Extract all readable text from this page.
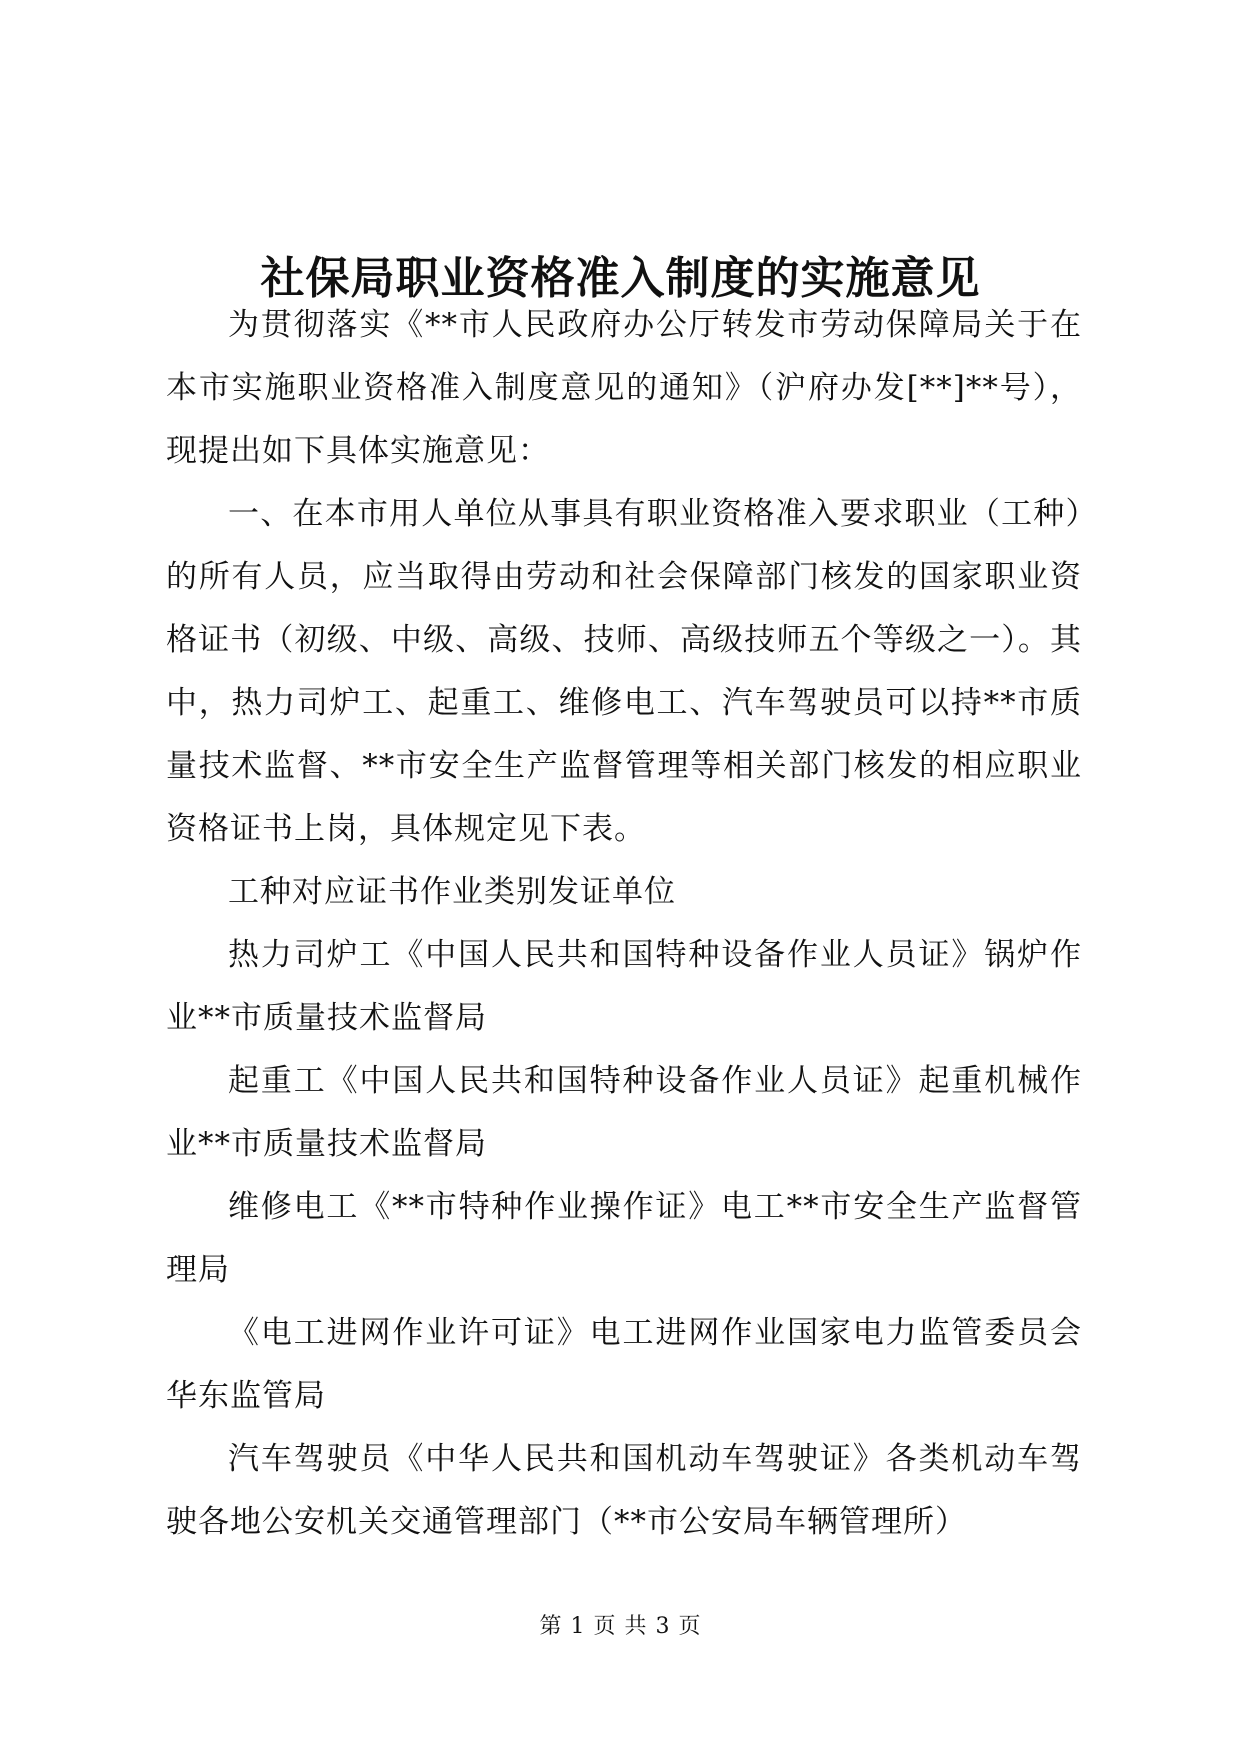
社保局职业资格准入制度的实施意见

为贯彻落实《**市人民政府办公厅转发市劳动保障局关于在本市实施职业资格准入制度意见的通知》（沪府办发[**]**号），现提出如下具体实施意见：

一、在本市用人单位从事具有职业资格准入要求职业（工种）的所有人员，应当取得由劳动和社会保障部门核发的国家职业资格证书（初级、中级、高级、技师、高级技师五个等级之一）。其中，热力司炉工、起重工、维修电工、汽车驾驶员可以持**市质量技术监督、**市安全生产监督管理等相关部门核发的相应职业资格证书上岗，具体规定见下表。

工种对应证书作业类别发证单位

热力司炉工《中国人民共和国特种设备作业人员证》锅炉作业**市质量技术监督局

起重工《中国人民共和国特种设备作业人员证》起重机械作业**市质量技术监督局

维修电工《**市特种作业操作证》电工**市安全生产监督管理局

《电工进网作业许可证》电工进网作业国家电力监管委员会华东监管局

汽车驾驶员《中华人民共和国机动车驾驶证》各类机动车驾驶各地公安机关交通管理部门（**市公安局车辆管理所）

第 1 页 共 3 页
